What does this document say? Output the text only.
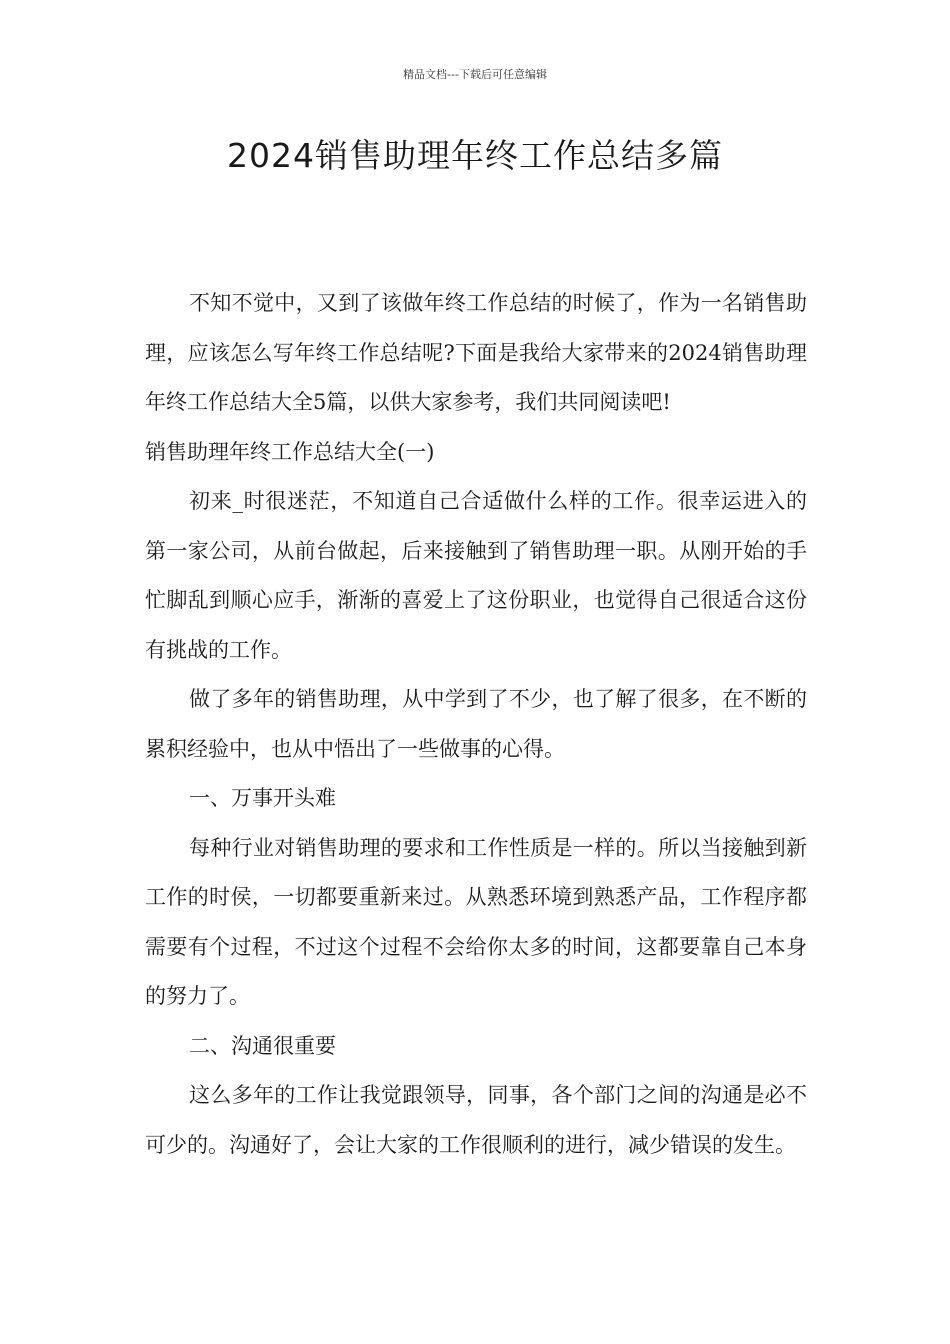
精品文档---下载后可任意编辑
2024销售助理年终工作总结多篇

不知不觉中，又到了该做年终工作总结的时候了，作为一名销售助理，应该怎么写年终工作总结呢?下面是我给大家带来的2024销售助理年终工作总结大全5篇，以供大家参考，我们共同阅读吧!

销售助理年终工作总结大全(一)

初来_时很迷茫，不知道自己合适做什么样的工作。很幸运进入的第一家公司，从前台做起，后来接触到了销售助理一职。从刚开始的手忙脚乱到顺心应手，渐渐的喜爱上了这份职业，也觉得自己很适合这份有挑战的工作。

做了多年的销售助理，从中学到了不少，也了解了很多，在不断的累积经验中，也从中悟出了一些做事的心得。

一、万事开头难

每种行业对销售助理的要求和工作性质是一样的。所以当接触到新工作的时侯，一切都要重新来过。从熟悉环境到熟悉产品，工作程序都需要有个过程，不过这个过程不会给你太多的时间，这都要靠自己本身的努力了。

二、沟通很重要

这么多年的工作让我觉跟领导，同事，各个部门之间的沟通是必不可少的。沟通好了，会让大家的工作很顺利的进行，减少错误的发生。
